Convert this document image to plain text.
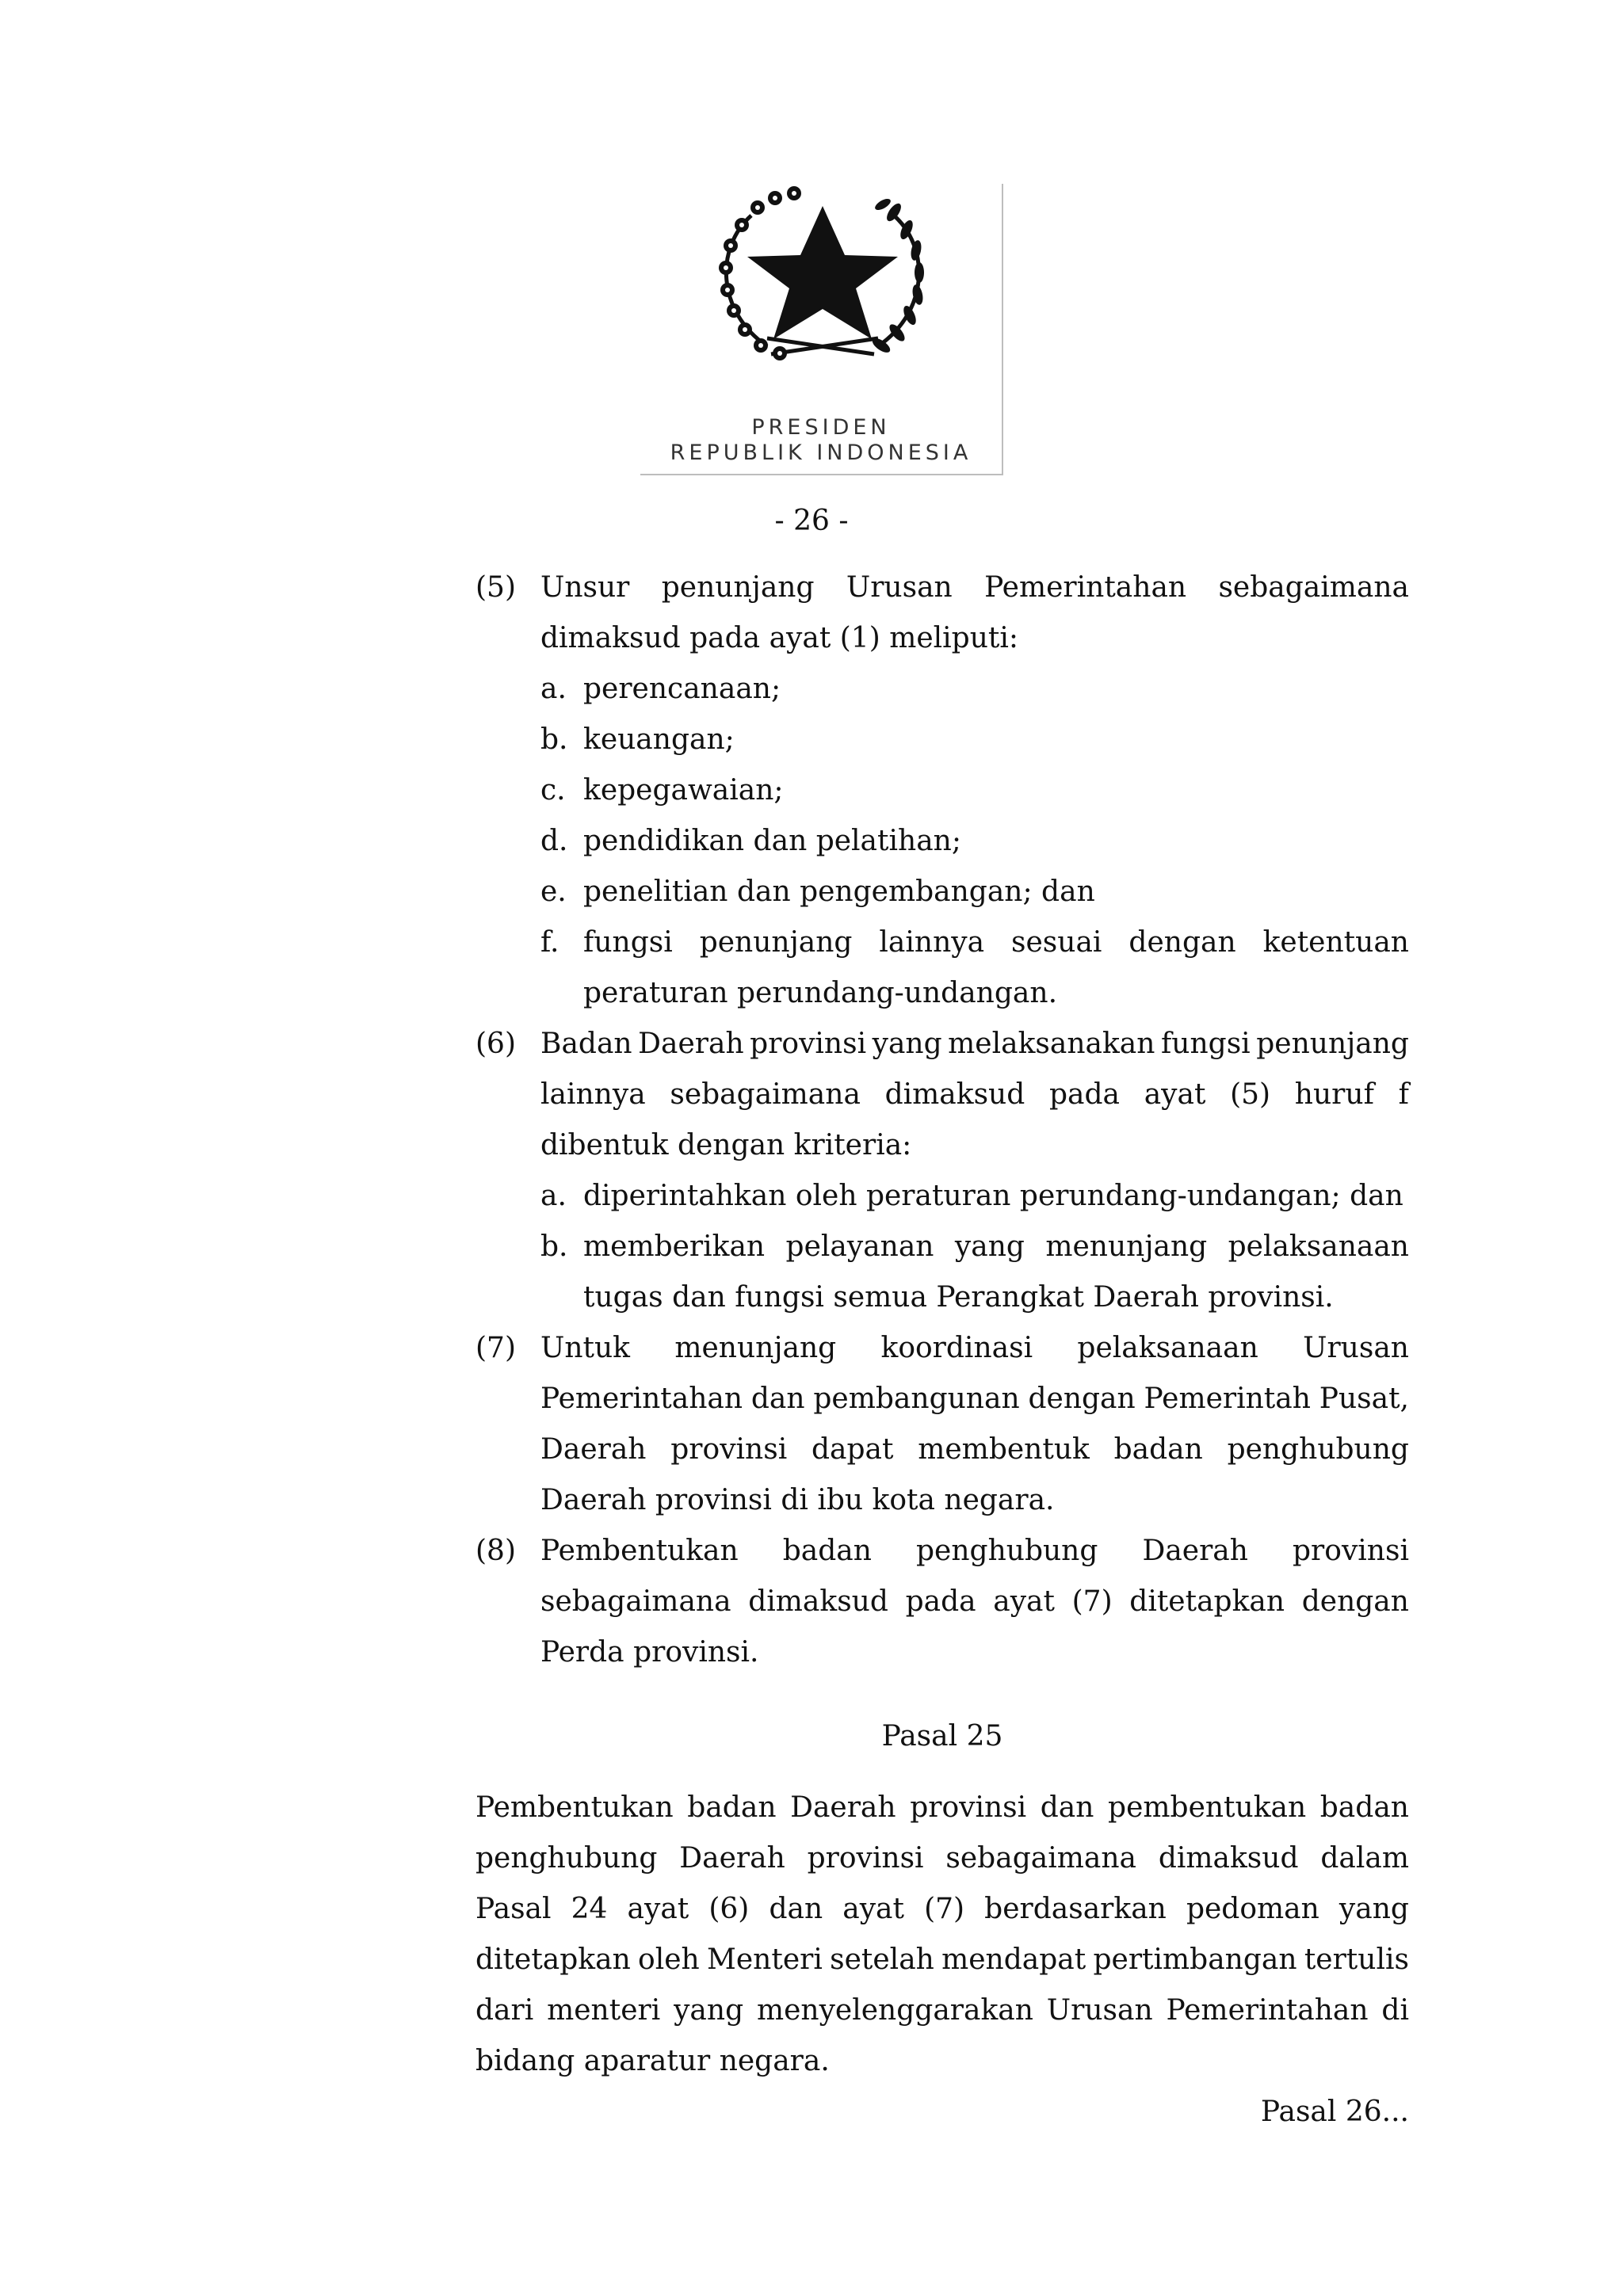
PRESIDEN
REPUBLIK INDONESIA
- 26 -
(5) Unsur penunjang Urusan Pemerintahan sebagaimana
dimaksud pada ayat (1) meliputi:
a. perencanaan;
b. keuangan;
c. kepegawaian;
d. pendidikan dan pelatihan;
e. penelitian dan pengembangan; dan
f. fungsi penunjang lainnya sesuai dengan ketentuan
peraturan perundang-undangan.
(6) Badan Daerah provinsi yang melaksanakan fungsi penunjang
lainnya sebagaimana dimaksud pada ayat (5) huruf f
dibentuk dengan kriteria:
a. diperintahkan oleh peraturan perundang-undangan; dan
b. memberikan pelayanan yang menunjang pelaksanaan
tugas dan fungsi semua Perangkat Daerah provinsi.
(7) Untuk menunjang koordinasi pelaksanaan Urusan
Pemerintahan dan pembangunan dengan Pemerintah Pusat,
Daerah provinsi dapat membentuk badan penghubung
Daerah provinsi di ibu kota negara.
(8) Pembentukan badan penghubung Daerah provinsi
sebagaimana dimaksud pada ayat (7) ditetapkan dengan
Perda provinsi.
Pasal 25
Pembentukan badan Daerah provinsi dan pembentukan badan
penghubung Daerah provinsi sebagaimana dimaksud dalam
Pasal 24 ayat (6) dan ayat (7) berdasarkan pedoman yang
ditetapkan oleh Menteri setelah mendapat pertimbangan tertulis
dari menteri yang menyelenggarakan Urusan Pemerintahan di
bidang aparatur negara.
Pasal 26...
